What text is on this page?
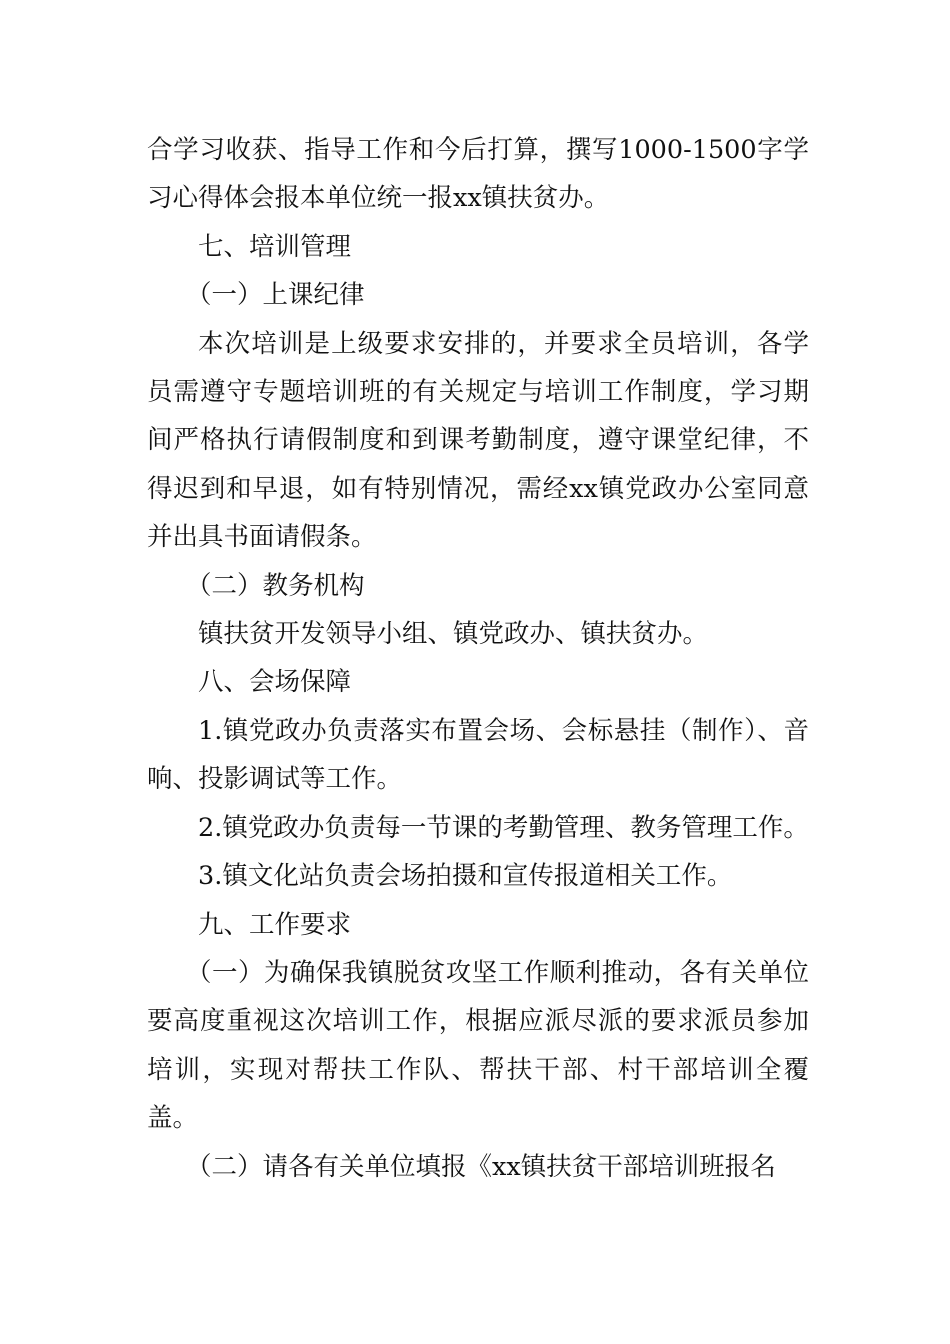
合学习收获、指导工作和今后打算，撰写1000-1500字学习心得体会报本单位统一报xx镇扶贫办。

七、培训管理

（一）上课纪律

本次培训是上级要求安排的，并要求全员培训，各学员需遵守专题培训班的有关规定与培训工作制度，学习期间严格执行请假制度和到课考勤制度，遵守课堂纪律，不得迟到和早退，如有特别情况，需经xx镇党政办公室同意并出具书面请假条。

（二）教务机构

镇扶贫开发领导小组、镇党政办、镇扶贫办。

八、会场保障

1.镇党政办负责落实布置会场、会标悬挂（制作）、音响、投影调试等工作。

2.镇党政办负责每一节课的考勤管理、教务管理工作。

3.镇文化站负责会场拍摄和宣传报道相关工作。

九、工作要求

（一）为确保我镇脱贫攻坚工作顺利推动，各有关单位要高度重视这次培训工作，根据应派尽派的要求派员参加培训，实现对帮扶工作队、帮扶干部、村干部培训全覆盖。

（二）请各有关单位填报《xx镇扶贫干部培训班报名
